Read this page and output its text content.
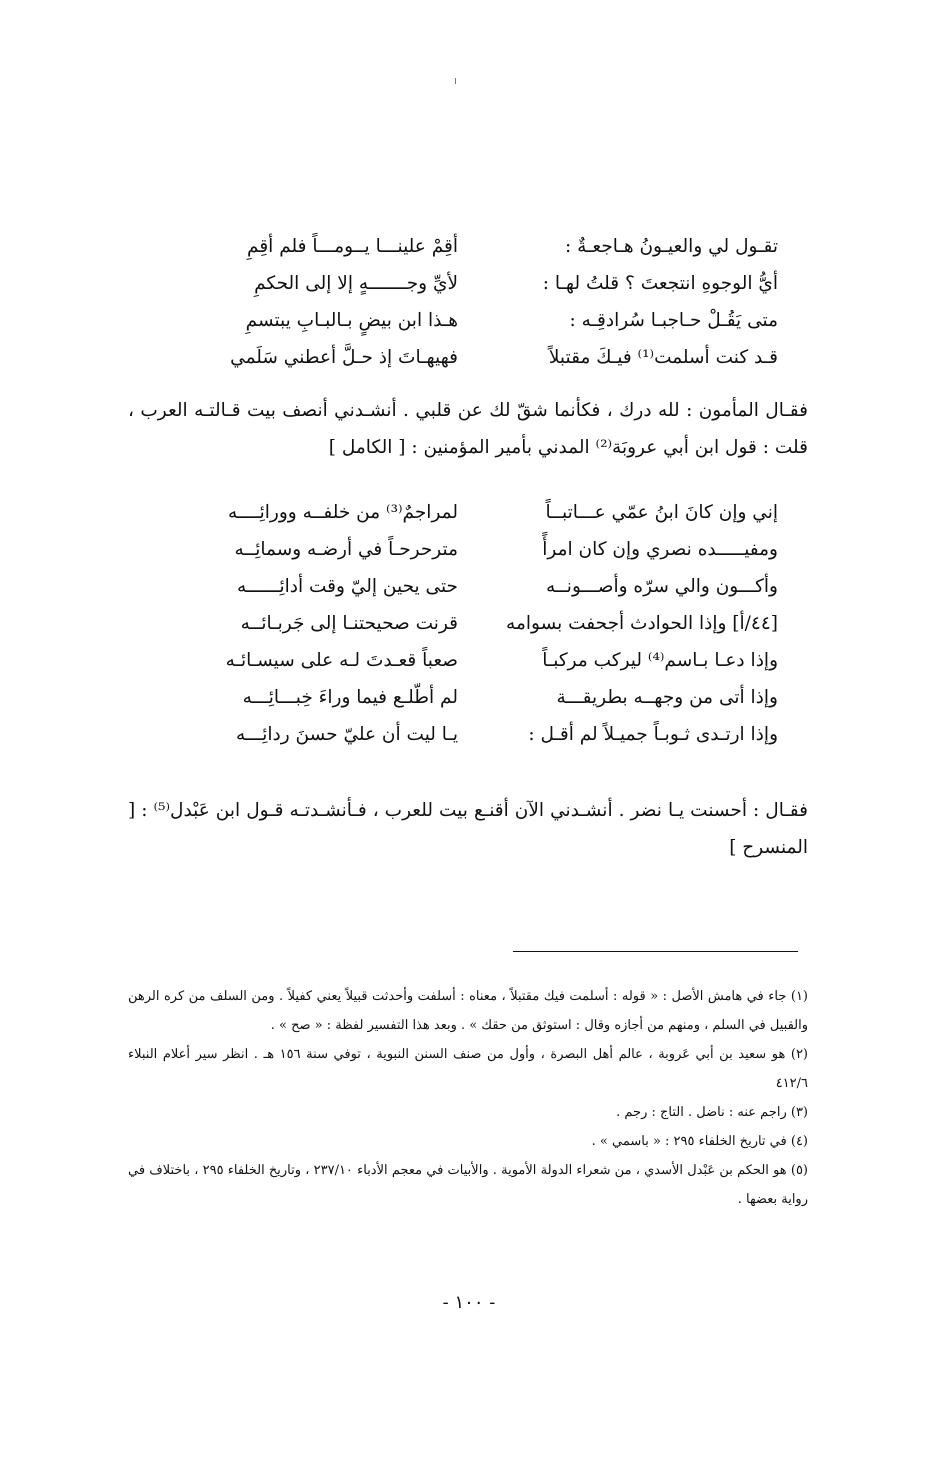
تقـول لي والعيـونُ هـاجعـةٌ :
أقِمْ علينـــا يــومـــاً فلم أقِمِ
أيُّ الوجوهِ انتجعتَ ؟ قلتُ لهـا :
لأيِّ وجـــــــهٍ إلا إلى الحكمِ
متى يَقُـلْ حـاجبـا سُرادقِـه :
هـذا ابن بيضٍ بـالبـابِ يبتسمِ
قـد كنت أسلمت⁽¹⁾ فيـكَ مقتبلاً
فهيهـاتَ إذ حـلَّ أعطني سَلَمي

فقـال المأمون : لله درك ، فكأنما شقّ لك عن قلبي . أنشـدني أنصف بيت قـالتـه العرب ، قلت : قول ابن أبي عروبَة⁽²⁾ المدني بأمير المؤمنين : [ الكامل ]

إني وإن كانَ ابنُ عمّي عـــاتبــاً
لمراجمٌ⁽³⁾ من خلفــه وورائِــــه
ومفيـــــده نصري وإن كان امرأً
مترحرحـاً في أرضـه وسمائِــه
وأكـــون والي سرّه وأصـــونــه
حتى يحين إليّ وقت أدائِــــــه
[٤٤/أ] وإذا الحوادث أجحفت بسوامه
قرنت صحيحتنـا إلى جَربـائــه
وإذا دعـا بـاسم⁽⁴⁾ ليركب مركبـاً
صعباً قعـدتَ لـه على سيسـائـه
وإذا أتى من وجهــه بطريقـــة
لم أطّلـع فيما وراءَ خِبـــائِـــه
وإذا ارتـدى ثـوبـاً جميـلاً لم أقـل :
يـا ليت أن عليّ حسنَ ردائِـــه

فقـال : أحسنت يـا نضر . أنشـدني الآن أقنـع بيت للعرب ، فـأنشـدتـه قـول ابن عَبْدل⁽⁵⁾ : [ المنسرح ]

(١) جاء في هامش الأصل : « قوله : أسلمت فيك مقتبلاً ، معناه : أسلفت وأحدثت قبيلاً يعني كفيلاً . ومن السلف من كره الرهن والقبيل في السلم ، ومنهم من أجازه وقال : استوثق من حقك » . وبعد هذا التفسير لفظة : « صح » .

(٢) هو سعيد بن أبي عَروبة ، عالم أهل البصرة ، وأول من صنف السنن النبوية ، توفي سنة ١٥٦ هـ . انظر سير أعلام النبلاء ٤١٢/٦

(٣) راجم عنه : ناضل . التاج : رجم .

(٤) في تاريخ الخلفاء ٢٩٥ : « باسمي » .

(٥) هو الحكم بن عَبْدل الأسدي ، من شعراء الدولة الأموية . والأبيات في معجم الأدباء ٢٣٧/١٠ ، وتاريخ الخلفاء ٢٩٥ ، باختلاف في رواية بعضها .

- ١٠٠ -
